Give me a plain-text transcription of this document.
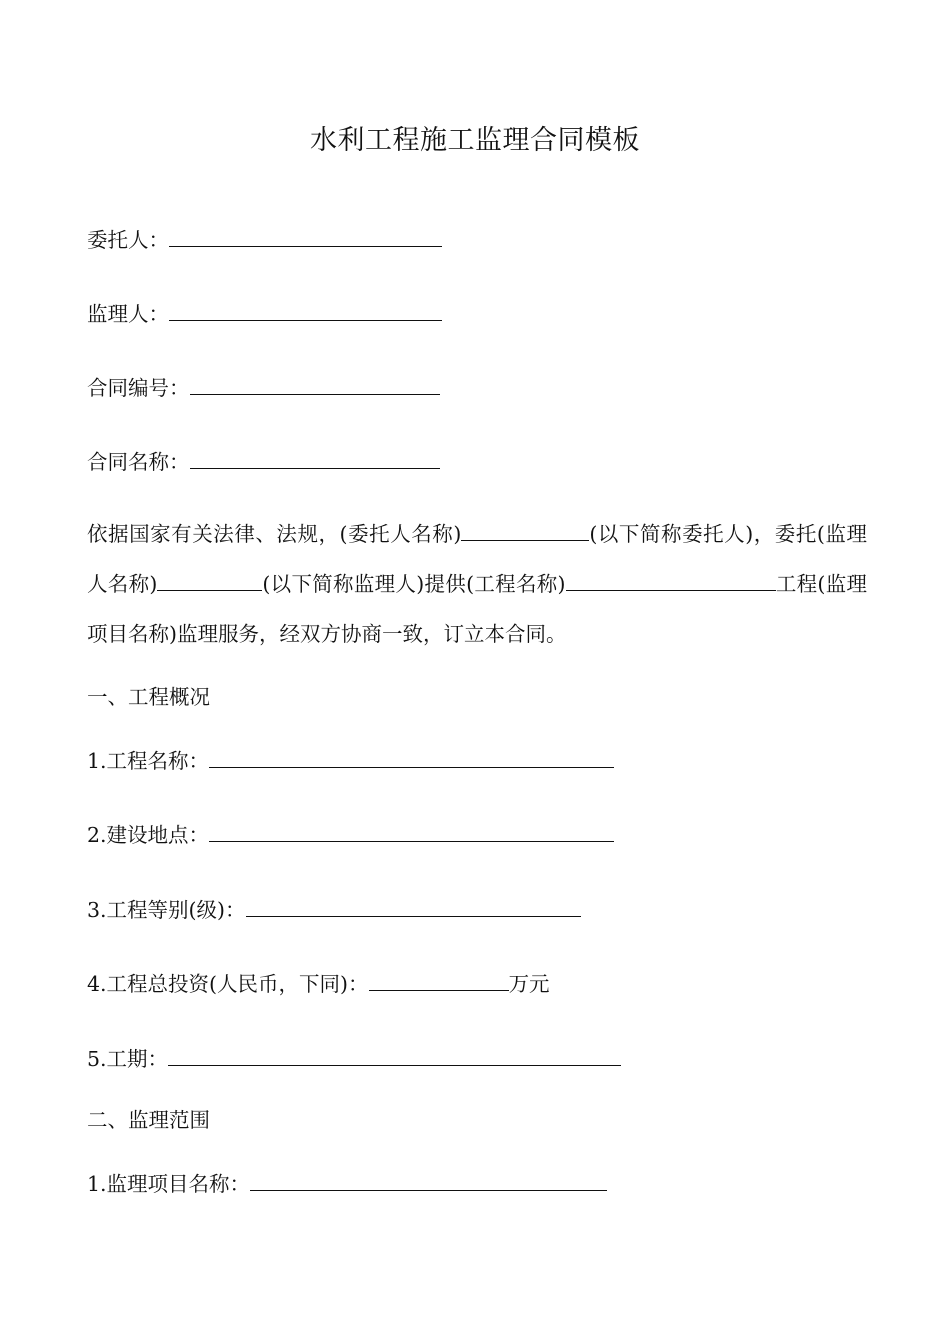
水利工程施工监理合同模板
委托人：
监理人：
合同编号：
合同名称：
依据国家有关法律、法规，(委托人名称)	(以下简称委托人)，委托(监理人名称)	(以下简称监理人)提供(工程名称)	工程(监理项目名称)监理服务，经双方协商一致，订立本合同。
一、工程概况
1.工程名称：
2.建设地点：
3.工程等别(级)：
4.工程总投资(人民币，下同)：	万元
5.工期：
二、监理范围
1.监理项目名称：
